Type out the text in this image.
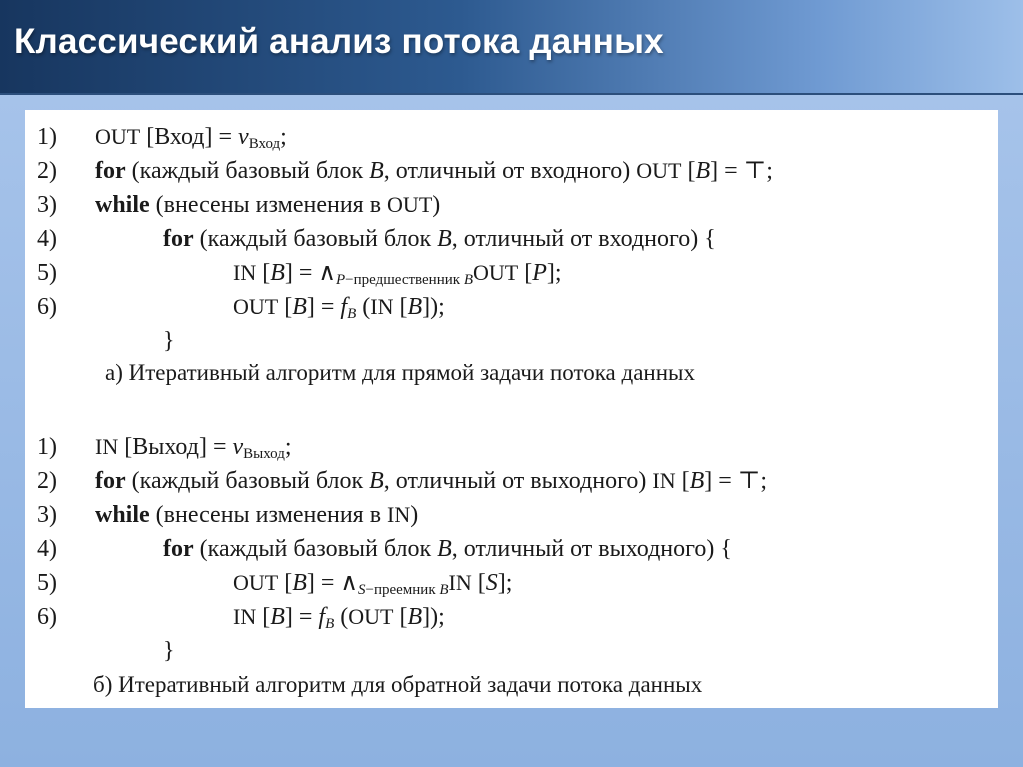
Классический анализ потока данных
1) OUT [Вход] = $v_{Вход}$;
2) for (каждый базовый блок B, отличный от входного) OUT [B] = ⊤;
3) while (внесены изменения в OUT)
4)	for (каждый базовый блок B, отличный от входного) {
5)	IN $[B] = \wedge_{P-предшественник B}OUT$ [P];
6)	OUT $[B] = f_B$ (IN [B]);
}
а) Итеративный алгоритм для прямой задачи потока данных
1) IN [Выход] = $v_{Выход}$;
2) for (каждый базовый блок B, отличный от выходного) IN [B] = ⊤;
3) while (внесены изменения в IN)
4)	for (каждый базовый блок B, отличный от выходного) {
5)	OUT $[B] = \wedge_{S-преемник B}IN$ [S];
6)	IN $[B] = f_B$ (OUT [B]);
}
б) Итеративный алгоритм для обратной задачи потока данных
